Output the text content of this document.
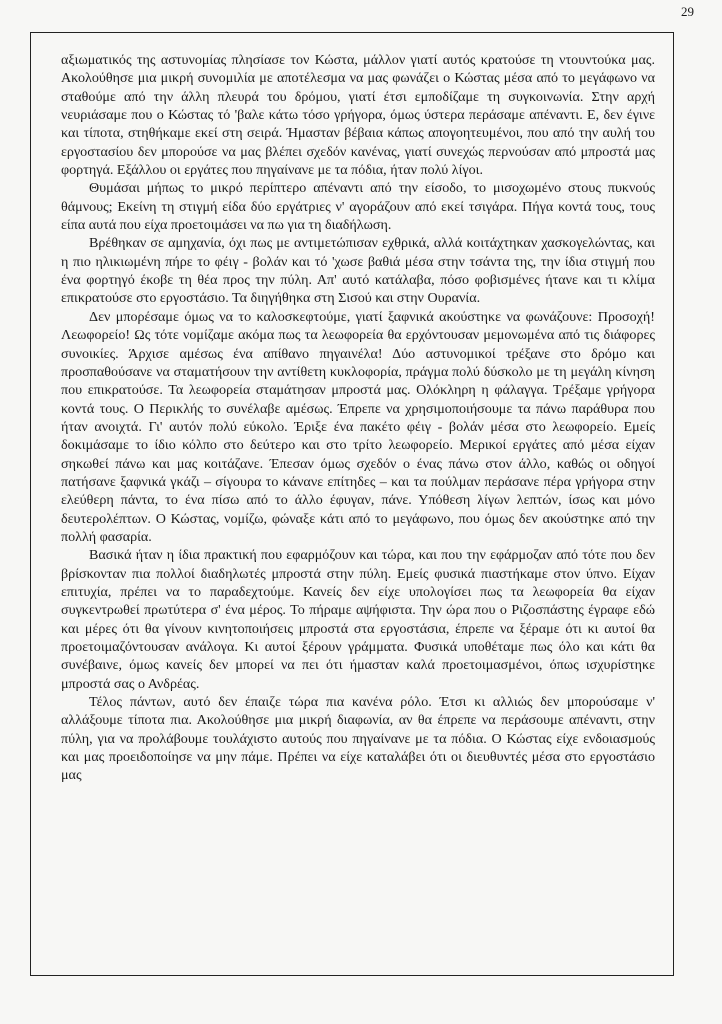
29

αξιωματικός της αστυνομίας πλησίασε τον Κώστα, μάλλον γιατί αυτός κρατούσε τη ντουντούκα μας. Ακολούθησε μια μικρή συνομιλία με αποτέλεσμα να μας φωνάζει ο Κώστας μέσα από το μεγάφωνο να σταθούμε από την άλλη πλευρά του δρόμου, γιατί έτσι εμποδίζαμε τη συγκοινωνία. Στην αρχή νευριάσαμε που ο Κώστας τό 'βαλε κάτω τόσο γρήγορα, όμως ύστερα περάσαμε απέναντι. Ε, δεν έγινε και τίποτα, στηθήκαμε εκεί στη σειρά. Ήμασταν βέβαια κάπως απογοητευμένοι, που από την αυλή του εργοστασίου δεν μπορούσε να μας βλέπει σχεδόν κανένας, γιατί συνεχώς περνούσαν από μπροστά μας φορτηγά. Εξάλλου οι εργάτες που πηγαίνανε με τα πόδια, ήταν πολύ λίγοι.

Θυμάσαι μήπως το μικρό περίπτερο απέναντι από την είσοδο, το μισοχωμένο στους πυκνούς θάμνους; Εκείνη τη στιγμή είδα δύο εργάτριες ν' αγοράζουν από εκεί τσιγάρα. Πήγα κοντά τους, τους είπα αυτά που είχα προετοιμάσει να πω για τη διαδήλωση.

Βρέθηκαν σε αμηχανία, όχι πως με αντιμετώπισαν εχθρικά, αλλά κοιτάχτηκαν χασκογελώντας, και η πιο ηλικιωμένη πήρε το φέιγ - βολάν και τό 'χωσε βαθιά μέσα στην τσάντα της, την ίδια στιγμή που ένα φορτηγό έκοβε τη θέα προς την πύλη. Απ' αυτό κατάλαβα, πόσο φοβισμένες ήτανε και τι κλίμα επικρατούσε στο εργοστάσιο. Τα διηγήθηκα στη Σισού και στην Ουρανία.

Δεν μπορέσαμε όμως να το καλοσκεφτούμε, γιατί ξαφνικά ακούστηκε να φωνάζουνε: Προσοχή! Λεωφορείο! Ως τότε νομίζαμε ακόμα πως τα λεωφορεία θα ερχόντουσαν μεμονωμένα από τις διάφορες συνοικίες. Άρχισε αμέσως ένα απίθανο πηγαινέλα! Δύο αστυνομικοί τρέξανε στο δρόμο και προσπαθούσανε να σταματήσουν την αντίθετη κυκλοφορία, πράγμα πολύ δύσκολο με τη μεγάλη κίνηση που επικρατούσε. Τα λεωφορεία σταμάτησαν μπροστά μας. Ολόκληρη η φάλαγγα. Τρέξαμε γρήγορα κοντά τους. Ο Περικλής το συνέλαβε αμέσως. Έπρεπε να χρησιμοποιήσουμε τα πάνω παράθυρα που ήταν ανοιχτά. Γι' αυτόν πολύ εύκολο. Έριξε ένα πακέτο φέιγ - βολάν μέσα στο λεωφορείο. Εμείς δοκιμάσαμε το ίδιο κόλπο στο δεύτερο και στο τρίτο λεωφορείο. Μερικοί εργάτες από μέσα είχαν σηκωθεί πάνω και μας κοιτάζανε. Έπεσαν όμως σχεδόν ο ένας πάνω στον άλλο, καθώς οι οδηγοί πατήσανε ξαφνικά γκάζι – σίγουρα το κάνανε επίτηδες – και τα πούλμαν περάσανε πέρα γρήγορα στην ελεύθερη πάντα, το ένα πίσω από το άλλο έφυγαν, πάνε. Υπόθεση λίγων λεπτών, ίσως και μόνο δευτερολέπτων. Ο Κώστας, νομίζω, φώναξε κάτι από το μεγάφωνο, που όμως δεν ακούστηκε από την πολλή φασαρία.

Βασικά ήταν η ίδια πρακτική που εφαρμόζουν και τώρα, και που την εφάρμοζαν από τότε που δεν βρίσκονταν πια πολλοί διαδηλωτές μπροστά στην πύλη. Εμείς φυσικά πιαστήκαμε στον ύπνο. Είχαν επιτυχία, πρέπει να το παραδεχτούμε. Κανείς δεν είχε υπολογίσει πως τα λεωφορεία θα είχαν συγκεντρωθεί πρωτύτερα σ' ένα μέρος. Το πήραμε αψήφιστα. Την ώρα που ο Ριζοσπάστης έγραφε εδώ και μέρες ότι θα γίνουν κινητοποιήσεις μπροστά στα εργοστάσια, έπρεπε να ξέραμε ότι κι αυτοί θα προετοιμαζόντουσαν ανάλογα. Κι αυτοί ξέρουν γράμματα. Φυσικά υποθέταμε πως όλο και κάτι θα συνέβαινε, όμως κανείς δεν μπορεί να πει ότι ήμασταν καλά προετοιμασμένοι, όπως ισχυρίστηκε μπροστά σας ο Ανδρέας.

Τέλος πάντων, αυτό δεν έπαιζε τώρα πια κανένα ρόλο. Έτσι κι αλλιώς δεν μπορούσαμε ν' αλλάξουμε τίποτα πια. Ακολούθησε μια μικρή διαφωνία, αν θα έπρεπε να περάσουμε απέναντι, στην πύλη, για να προλάβουμε τουλάχιστο αυτούς που πηγαίνανε με τα πόδια. Ο Κώστας είχε ενδοιασμούς και μας προειδοποίησε να μην πάμε. Πρέπει να είχε καταλάβει ότι οι διευθυντές μέσα στο εργοστάσιο μας
